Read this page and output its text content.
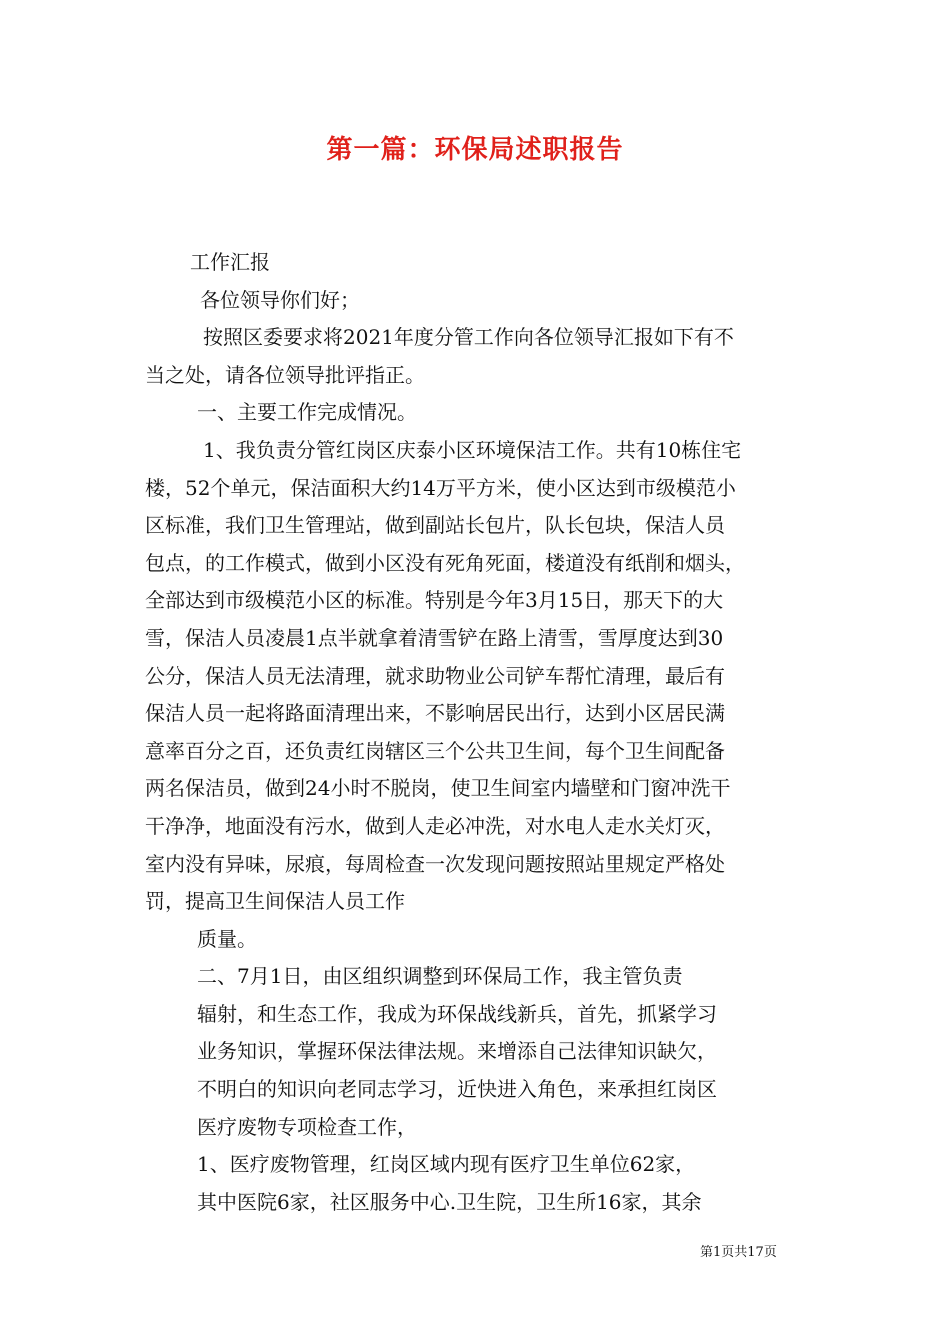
第一篇：环保局述职报告
工作汇报
各位领导你们好；
按照区委要求将2021年度分管工作向各位领导汇报如下有不
当之处，请各位领导批评指正。
一、主要工作完成情况。
1、我负责分管红岗区庆泰小区环境保洁工作。共有10栋住宅
楼，52个单元，保洁面积大约14万平方米，使小区达到市级模范小
区标准，我们卫生管理站，做到副站长包片，队长包块，保洁人员
包点，的工作模式，做到小区没有死角死面，楼道没有纸削和烟头，
全部达到市级模范小区的标准。特别是今年3月15日，那天下的大
雪，保洁人员凌晨1点半就拿着清雪铲在路上清雪，雪厚度达到30
公分，保洁人员无法清理，就求助物业公司铲车帮忙清理，最后有
保洁人员一起将路面清理出来，不影响居民出行，达到小区居民满
意率百分之百，还负责红岗辖区三个公共卫生间，每个卫生间配备
两名保洁员，做到24小时不脱岗，使卫生间室内墙壁和门窗冲洗干
干净净，地面没有污水，做到人走必冲洗，对水电人走水关灯灭，
室内没有异味，尿痕，每周检查一次发现问题按照站里规定严格处
罚，提高卫生间保洁人员工作
质量。
二、7月1日，由区组织调整到环保局工作，我主管负责
辐射，和生态工作，我成为环保战线新兵，首先，抓紧学习
业务知识，掌握环保法律法规。来增添自己法律知识缺欠，
不明白的知识向老同志学习，近快进入角色，来承担红岗区
医疗废物专项检查工作，
1、医疗废物管理，红岗区域内现有医疗卫生单位62家，
其中医院6家，社区服务中心.卫生院，卫生所16家，其余
第1页共17页
